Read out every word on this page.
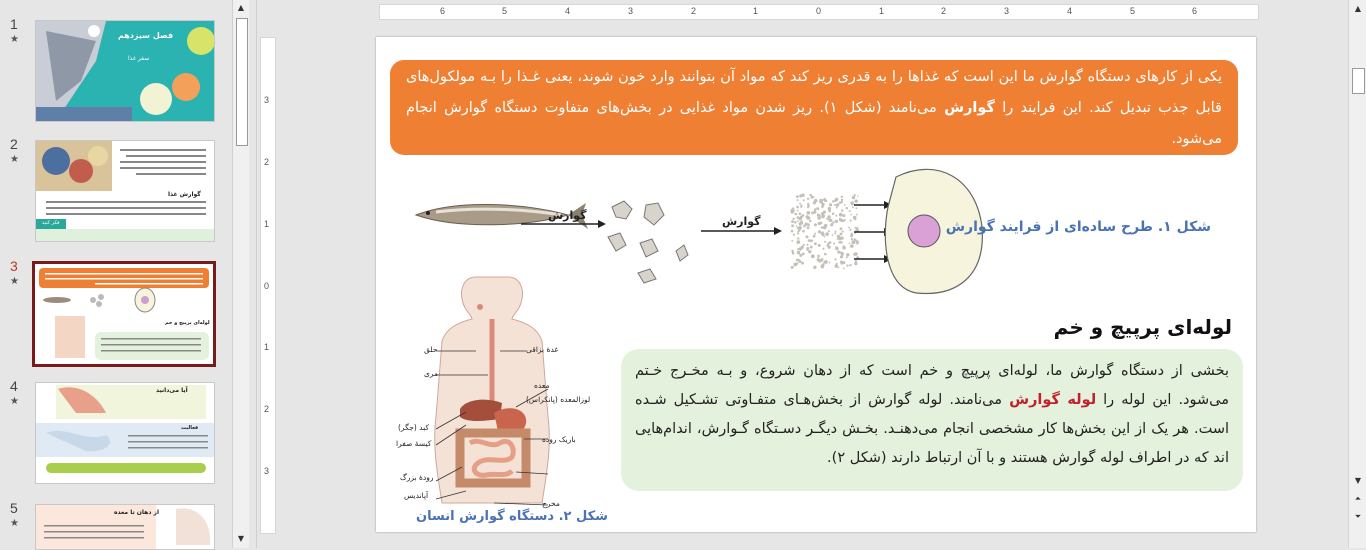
1
★	فصل سیزدهم
سفر غذا
2
★
گوارش غذا
فکر کنید
3
★
لوله‌ای پرپیچ و خم
4
★
آیا می‌دانید
فعالیت
5
★
از دهان تا معده
▲
▼
6	5	4	3	2	1	0	1	2	3	4	5	6
3
2
1
0
1
2
3
یکی از کارهای دستگاه گوارش ما این است که غذاها را به قدری ریز کند که مواد آن بتوانند وارد خون شوند، یعنی غـذا را بـه مولکول‌های قابل جذب تبدیل کند. این فرایند را گوارش می‌نامند (شکل ۱). ریز شدن مواد غذایی در بخش‌های متفاوت دستگاه گوارش انجام می‌شود.
گوارش	گوارش	شکل ۱. طرح ساده‌ای از فرایند گوارش
غدهٔ بزاقی
حلق
مری
معده
کبد (جگر)
کیسهٔ صفرا
لوزالمعده (پانکراس)
رودهٔ بزرگ
باریک روده
آپاندیس
مخرج
شکل ۲. دستگاه گوارش انسان
لوله‌ای پرپیچ و خم
بخشی از دستگاه گوارش ما، لوله‌ای پرپیچ و خم است که از دهان شروع، و بـه مخـرج خـتم می‌شود. این لوله را لوله گوارش می‌نامند. لوله گوارش از بخش‌هـای متفـاوتی تشـکیل شـده است. هر یک از این بخش‌ها کار مشخصی انجام می‌دهنـد. بخـش دیگـر دسـتگاه گـوارش، اندام‌هایی اند که در اطراف لوله گوارش هستند و با آن ارتباط دارند (شکل ۲).
▲
▼
⏶
⏷
